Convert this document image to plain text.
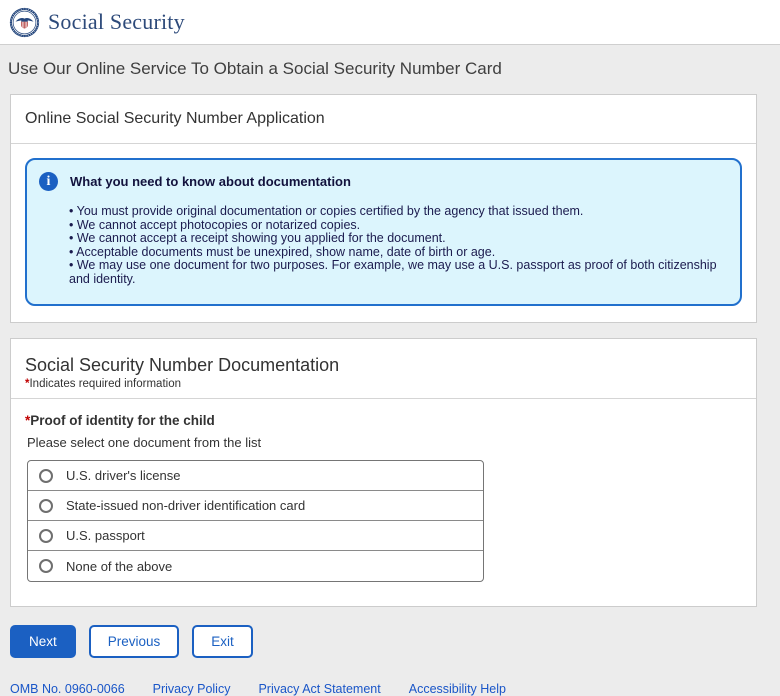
Social Security
Use Our Online Service To Obtain a Social Security Number Card
Online Social Security Number Application
i	What you need to know about documentation
• You must provide original documentation or copies certified by the agency that issued them.
• We cannot accept photocopies or notarized copies.
• We cannot accept a receipt showing you applied for the document.
• Acceptable documents must be unexpired, show name, date of birth or age.
• We may use one document for two purposes. For example, we may use a U.S. passport as proof of both citizenship and identity.
Social Security Number Documentation
*Indicates required information
*Proof of identity for the child
Please select one document from the list
U.S. driver's license
State-issued non-driver identification card
U.S. passport
None of the above
Next	Previous	Exit
OMB No. 0960-0066 Privacy Policy Privacy Act Statement Accessibility Help
